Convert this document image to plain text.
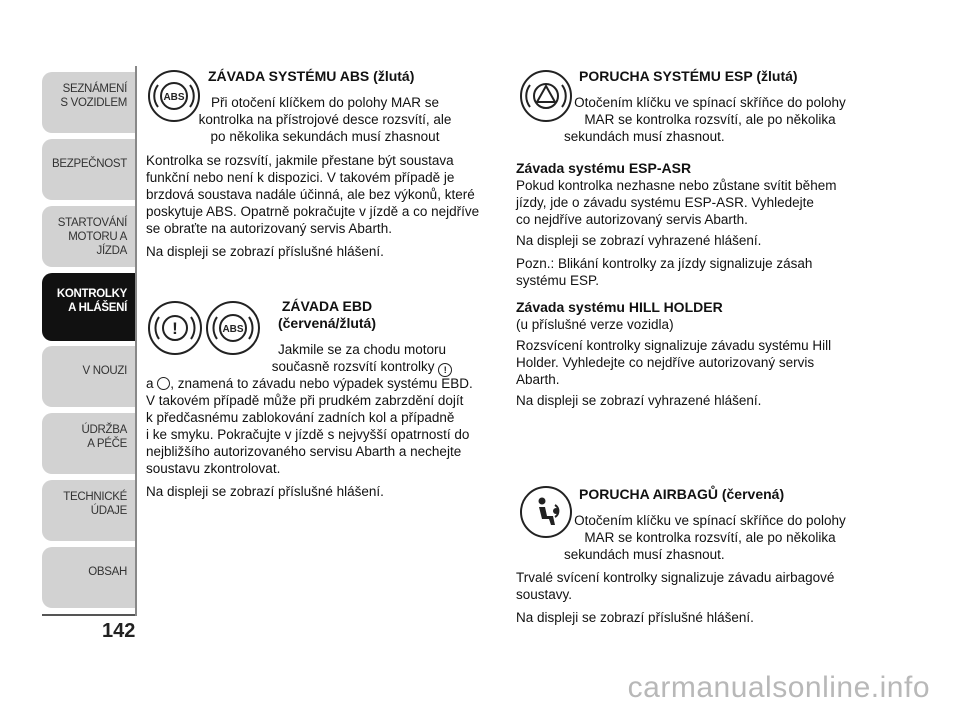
SEZNÁMENÍ
S VOZIDLEM
BEZPEČNOST
STARTOVÁNÍ
MOTORU A JÍZDA
KONTROLKY
A HLÁŠENÍ
V NOUZI
ÚDRŽBA
A PÉČE
TECHNICKÉ
ÚDAJE
OBSAH
142
ABS
ZÁVADA SYSTÉMU ABS (žlutá)

Při otočení klíčkem do polohy MAR se

kontrolka na přístrojové desce rozsvítí, ale

po několika sekundách musí zhasnout

Kontrolka se rozsvítí, jakmile přestane být soustava

funkční nebo není k dispozici. V takovém případě je

brzdová soustava nadále účinná, ale bez výkonů, které

poskytuje ABS. Opatrně pokračujte v jízdě a co nejdříve

se obraťte na autorizovaný servis Abarth.

Na displeji se zobrazí příslušné hlášení.

!	ABS

ZÁVADA EBD

(červená/žlutá)

Jakmile se za chodu motoru

současně rozsvítí kontrolky !

a , znamená to závadu nebo výpadek systému EBD.

V takovém případě může při prudkém zabrzdění dojít

k předčasnému zablokování zadních kol a případně

i ke smyku. Pokračujte v jízdě s nejvyšší opatrností do

nejbližšího autorizovaného servisu Abarth a nechejte

soustavu zkontrolovat.

Na displeji se zobrazí příslušné hlášení.

PORUCHA SYSTÉMU ESP (žlutá)

Otočením klíčku ve spínací skříňce do polohy

MAR se kontrolka rozsvítí, ale po několika

sekundách musí zhasnout.

Závada systému ESP-ASR

Pokud kontrolka nezhasne nebo zůstane svítit během

jízdy, jde o závadu systému ESP-ASR. Vyhledejte

co nejdříve autorizovaný servis Abarth.

Na displeji se zobrazí vyhrazené hlášení.

Pozn.: Blikání kontrolky za jízdy signalizuje zásah

systému ESP.

Závada systému HILL HOLDER

(u příslušné verze vozidla)

Rozsvícení kontrolky signalizuje závadu systému Hill

Holder. Vyhledejte co nejdříve autorizovaný servis

Abarth.

Na displeji se zobrazí vyhrazené hlášení.

PORUCHA AIRBAGŮ (červená)

Otočením klíčku ve spínací skříňce do polohy

MAR se kontrolka rozsvítí, ale po několika

sekundách musí zhasnout.

Trvalé svícení kontrolky signalizuje závadu airbagové

soustavy.

Na displeji se zobrazí příslušné hlášení.

carmanualsonline.info
